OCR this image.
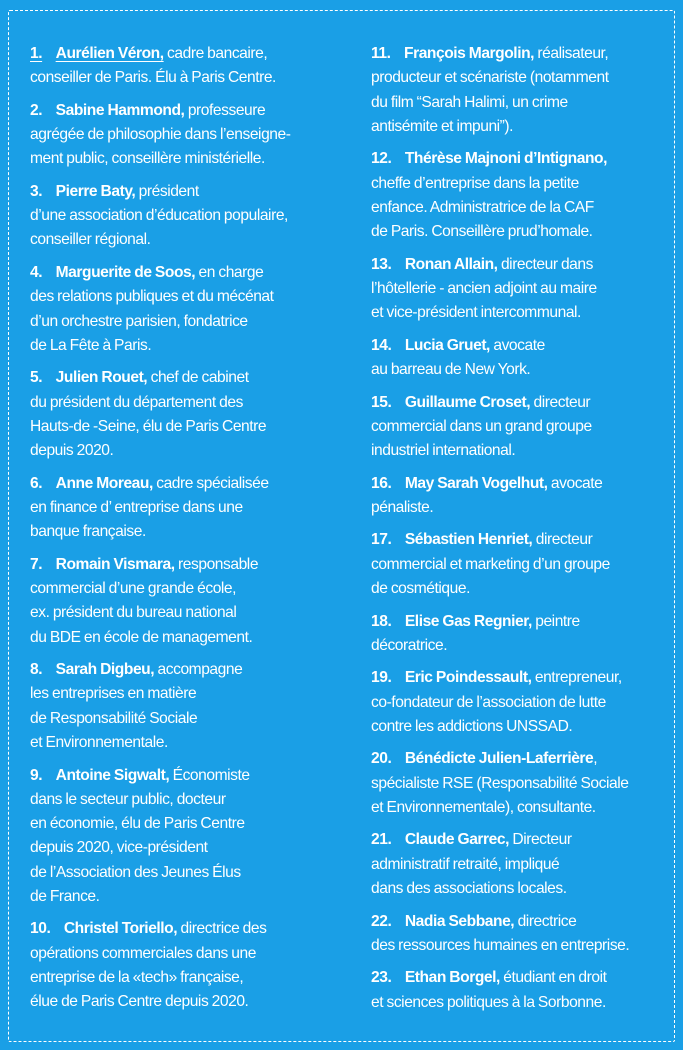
1. Aurélien Véron, cadre bancaire,
conseiller de Paris. Élu à Paris Centre.
2. Sabine Hammond, professeure
agrégée de philosophie dans l’enseigne-
ment public, conseillère ministérielle.
3. Pierre Baty, président
d’une association d’éducation populaire,
conseiller régional.
4. Marguerite de Soos, en charge
des relations publiques et du mécénat
d’un orchestre parisien, fondatrice
de La Fête à Paris.
5. Julien Rouet, chef de cabinet
du président du département des
Hauts-de -Seine, élu de Paris Centre
depuis 2020.
6. Anne Moreau, cadre spécialisée
en finance d’ entreprise dans une
banque française.
7. Romain Vismara, responsable
commercial d’une grande école,
ex. président du bureau national
du BDE en école de management.
8. Sarah Digbeu, accompagne
les entreprises en matière
de Responsabilité Sociale
et Environnementale.
9. Antoine Sigwalt, Économiste
dans le secteur public, docteur
en économie, élu de Paris Centre
depuis 2020, vice-président
de l’Association des Jeunes Élus
de France.
10. Christel Toriello, directrice des
opérations commerciales dans une
entreprise de la «tech» française,
élue de Paris Centre depuis 2020.
11. François Margolin, réalisateur,
producteur et scénariste (notamment
du film “Sarah Halimi, un crime
antisémite et impuni”).
12. Thérèse Majnoni d’Intignano,
cheffe d’entreprise dans la petite
enfance. Administratrice de la CAF
de Paris. Conseillère prud’homale.
13. Ronan Allain, directeur dans
l’hôtellerie - ancien adjoint au maire
et vice-président intercommunal.
14. Lucia Gruet, avocate
au barreau de New York.
15. Guillaume Croset, directeur
commercial dans un grand groupe
industriel international.
16. May Sarah Vogelhut, avocate
pénaliste.
17. Sébastien Henriet, directeur
commercial et marketing d’un groupe
de cosmétique.
18. Elise Gas Regnier, peintre
décoratrice.
19. Eric Poindessault, entrepreneur,
co-fondateur de l’association de lutte
contre les addictions UNSSAD.
20. Bénédicte Julien-Laferrière,
spécialiste RSE (Responsabilité Sociale
et Environnementale), consultante.
21. Claude Garrec, Directeur
administratif retraité, impliqué
dans des associations locales.
22. Nadia Sebbane, directrice
des ressources humaines en entreprise.
23. Ethan Borgel, étudiant en droit
et sciences politiques à la Sorbonne.
